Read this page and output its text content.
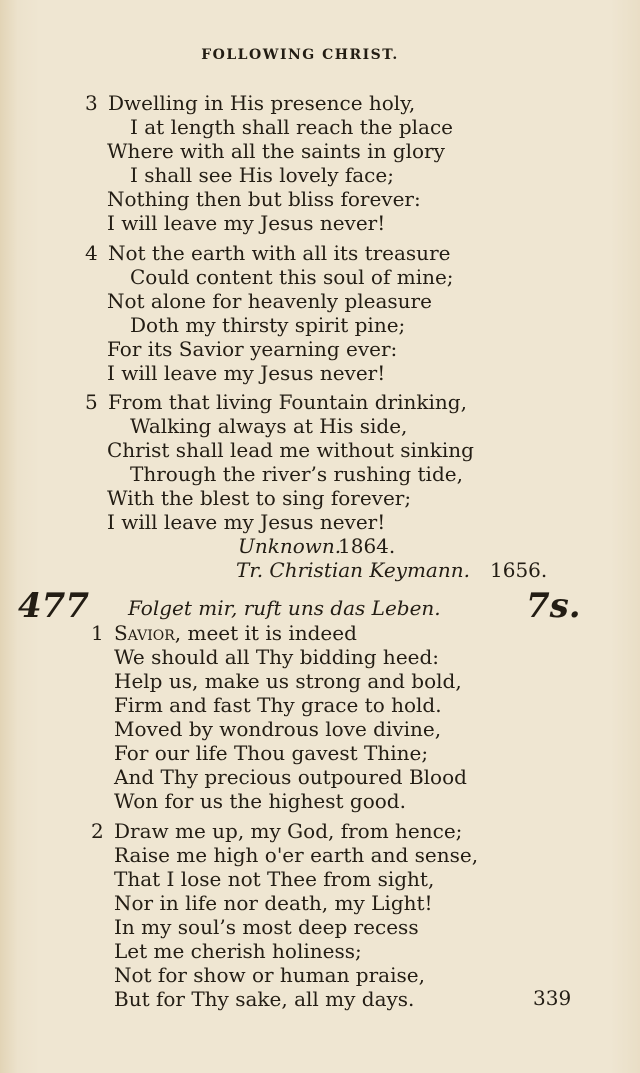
FOLLOWING CHRIST.
3 Dwelling in His presence holy,
I at length shall reach the place
Where with all the saints in glory
I shall see His lovely face;
Nothing then but bliss forever:
I will leave my Jesus never!
4 Not the earth with all its treasure
Could content this soul of mine;
Not alone for heavenly pleasure
Doth my thirsty spirit pine;
For its Savior yearning ever:
I will leave my Jesus never!
5 From that living Fountain drinking,
Walking always at His side,
Christ shall lead me without sinking
Through the river’s rushing tide,
With the blest to sing forever;
I will leave my Jesus never!
Unknown.
1864.
Tr. Christian Keymann. 1656.
477 Folget mir, ruft uns das Leben.	7s.
1 Savior, meet it is indeed
We should all Thy bidding heed:
Help us, make us strong and bold,
Firm and fast Thy grace to hold.
Moved by wondrous love divine,
For our life Thou gavest Thine;
And Thy precious outpoured Blood
Won for us the highest good.
2 Draw me up, my God, from hence;
Raise me high o'er earth and sense,
That I lose not Thee from sight,
Nor in life nor death, my Light!
In my soul’s most deep recess
Let me cherish holiness;
Not for show or human praise,
But for Thy sake, all my days.	339
